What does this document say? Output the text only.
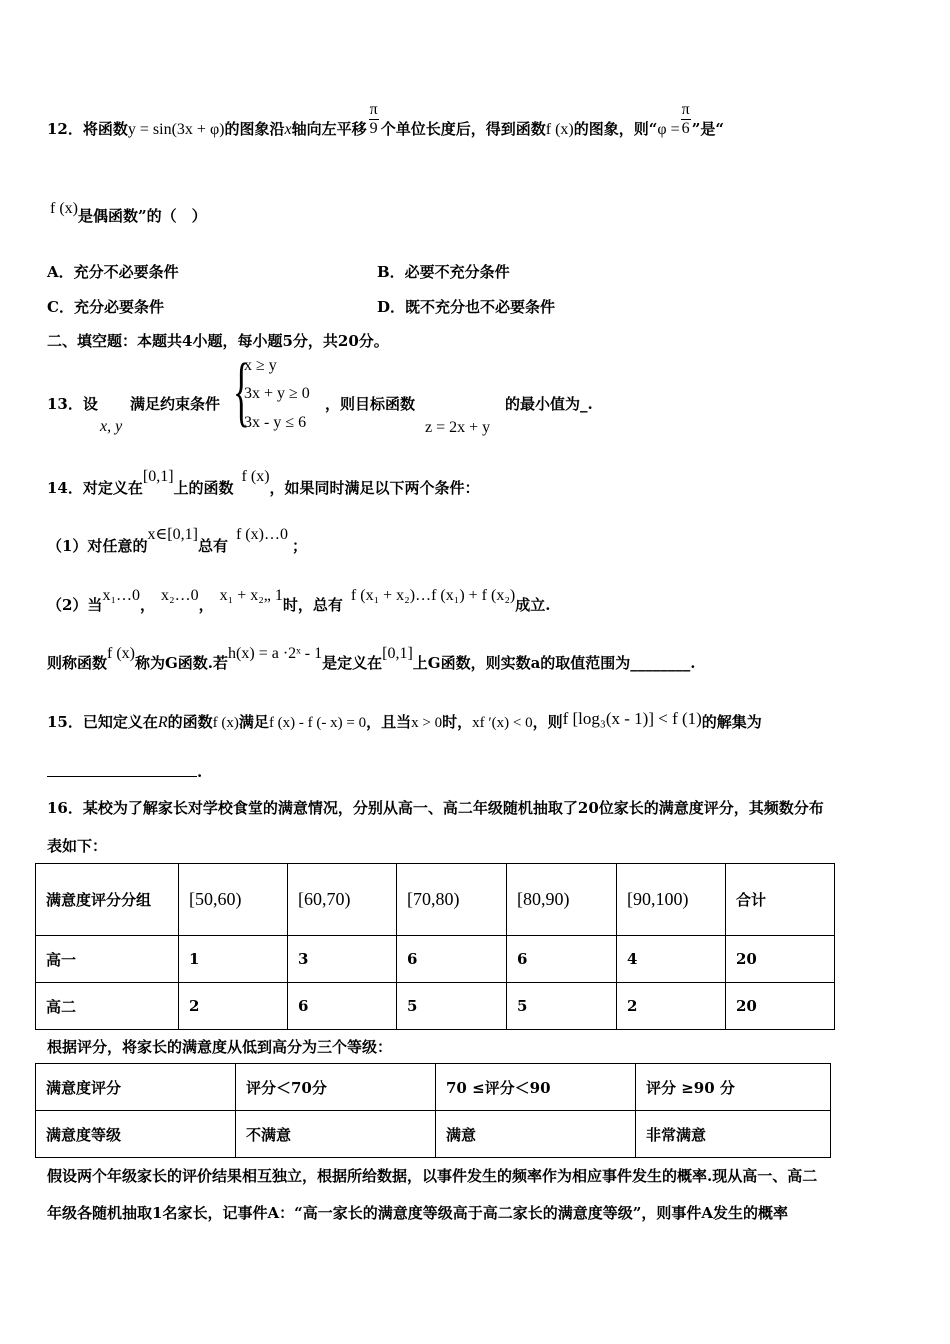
12．将函数y = sin(3x + φ)的图象沿x轴向左平移 $\frac{\pi}{9}$ 个单位长度后，得到函数f (x)的图象，则“$\varphi = \frac{\pi}{6}$ ”是“
f (x)是偶函数”的（　）
A．充分不必要条件	B．必要不充分条件
C．充分必要条件	D．既不充分也不必要条件
二、填空题：本题共4小题，每小题5分，共20分。
13．设
x, y
满足约束条件 {
x ≥ y
3x + y ≥ 0
3x - y ≤ 6
，则目标函数
z = 2x + y
的最小值为_.
14．对定义在[0,1]上的函数f (x)，如果同时满足以下两个条件：
（1）对任意的x∈[0,1]总有f (x)…0；
（2）当x₁…0，x₂…0，x₁ + x₂„ 1时，总有f (x₁ + x₂)…f (x₁) + f (x₂)成立.
则称函数f (x)称为G函数.若h(x) = a ·2ˣ - 1是定义在[0,1]上G函数，则实数a的取值范围为________.
15．已知定义在R的函数f (x)满足f (x) - f (- x) = 0，且当x > 0时，xf ′(x) < 0，则f [log₃(x - 1)] < f (1)的解集为
.
16．某校为了解家长对学校食堂的满意情况，分别从高一、高二年级随机抽取了20位家长的满意度评分，其频数分布
表如下：
满意度评分分组	[50,60)	[60,70)	[70,80)	[80,90)	[90,100)	合计
高一	1	3	6	6	4	20
高二	2	6	5	5	2	20
根据评分，将家长的满意度从低到高分为三个等级：
满意度评分	评分＜70分	70 ≤评分＜90	评分 ≥90 分
满意度等级	不满意	满意	非常满意
假设两个年级家长的评价结果相互独立，根据所给数据，以事件发生的频率作为相应事件发生的概率.现从高一、高二
年级各随机抽取1名家长，记事件A：“高一家长的满意度等级高于高二家长的满意度等级”，则事件A发生的概率
